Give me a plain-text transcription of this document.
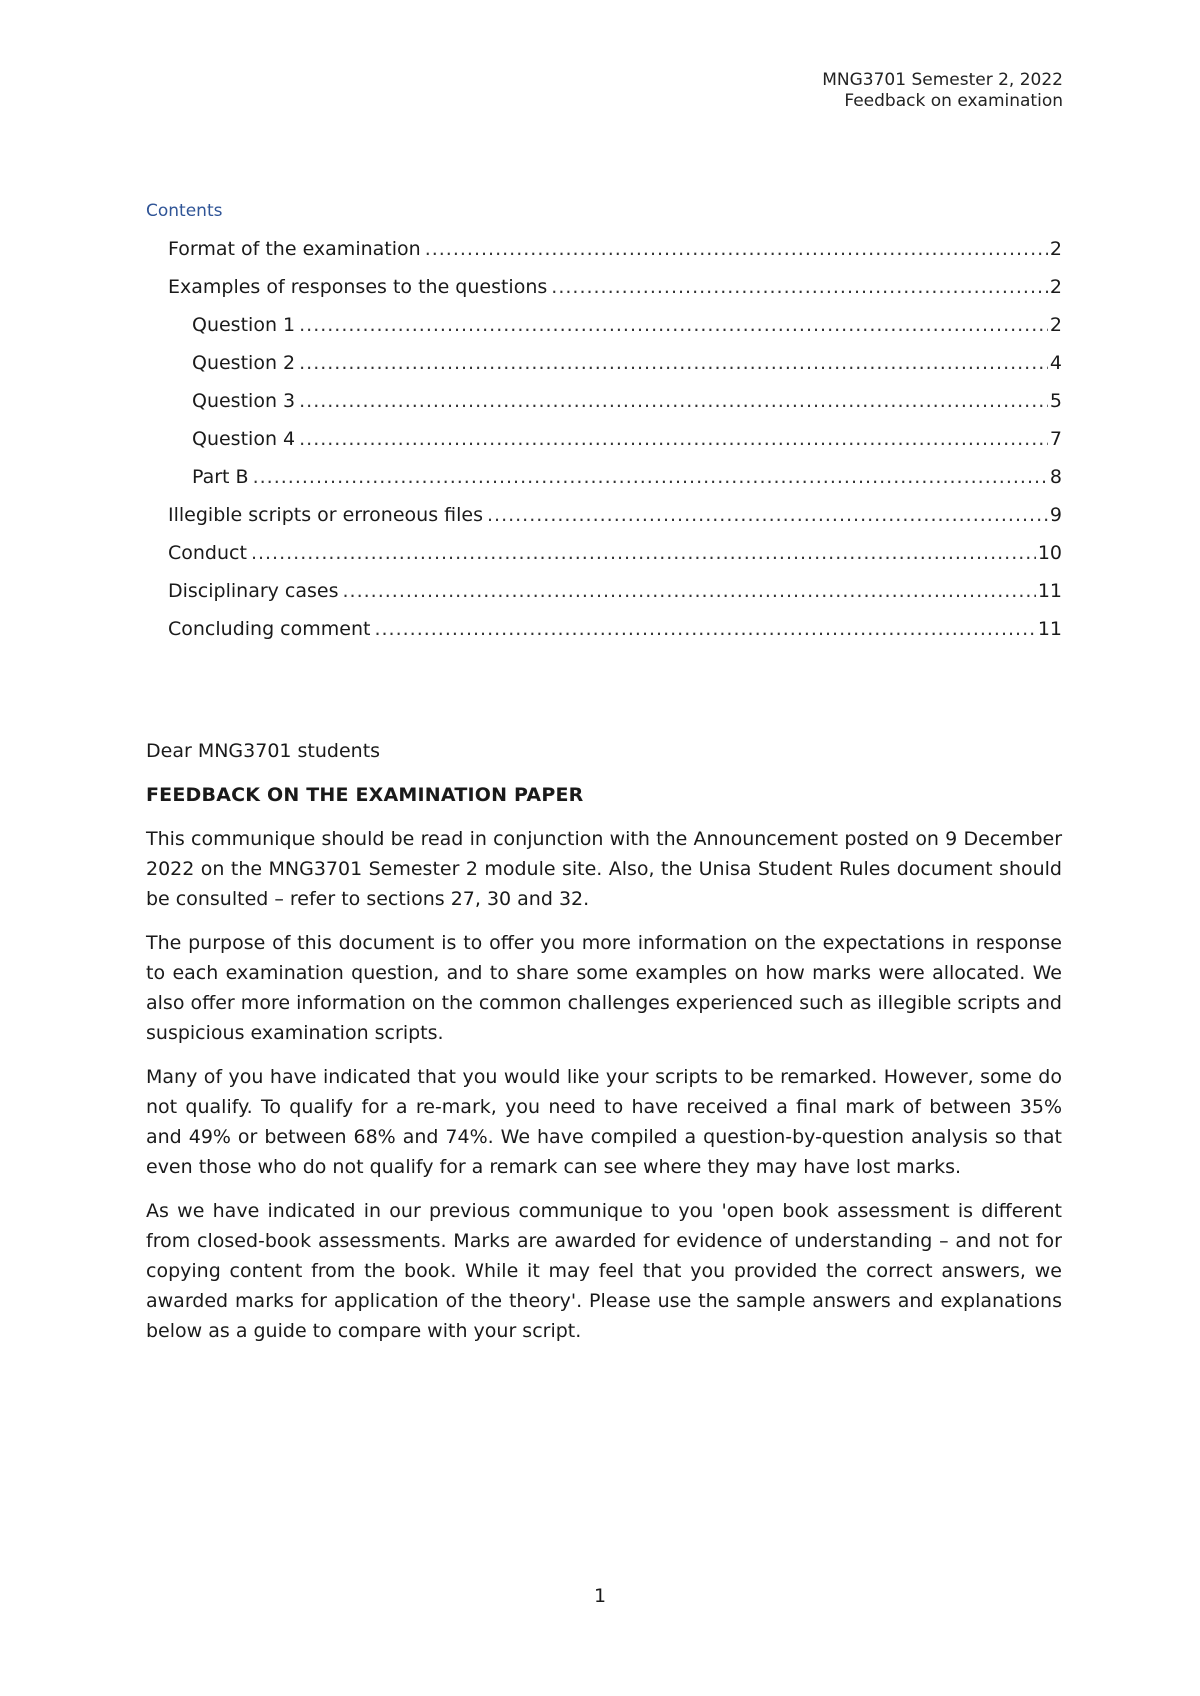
MNG3701 Semester 2, 2022
Feedback on examination
Contents
Format of the examination .....	2
Examples of responses to the questions .....	2
Question 1 .....	2
Question 2 .....	4
Question 3 .....	5
Question 4 .....	7
Part B .....	8
Illegible scripts or erroneous files .....	9
Conduct .....	10
Disciplinary cases .....	11
Concluding comment .....	11

Dear MNG3701 students

FEEDBACK ON THE EXAMINATION PAPER

This communique should be read in conjunction with the Announcement posted on 9 December 2022 on the MNG3701 Semester 2 module site. Also, the Unisa Student Rules document should be consulted – refer to sections 27, 30 and 32.

The purpose of this document is to offer you more information on the expectations in response to each examination question, and to share some examples on how marks were allocated. We also offer more information on the common challenges experienced such as illegible scripts and suspicious examination scripts.

Many of you have indicated that you would like your scripts to be remarked. However, some do not qualify. To qualify for a re-mark, you need to have received a final mark of between 35% and 49% or between 68% and 74%. We have compiled a question-by-question analysis so that even those who do not qualify for a remark can see where they may have lost marks.

As we have indicated in our previous communique to you 'open book assessment is different from closed-book assessments. Marks are awarded for evidence of understanding – and not for copying content from the book. While it may feel that you provided the correct answers, we awarded marks for application of the theory'. Please use the sample answers and explanations below as a guide to compare with your script.

1
